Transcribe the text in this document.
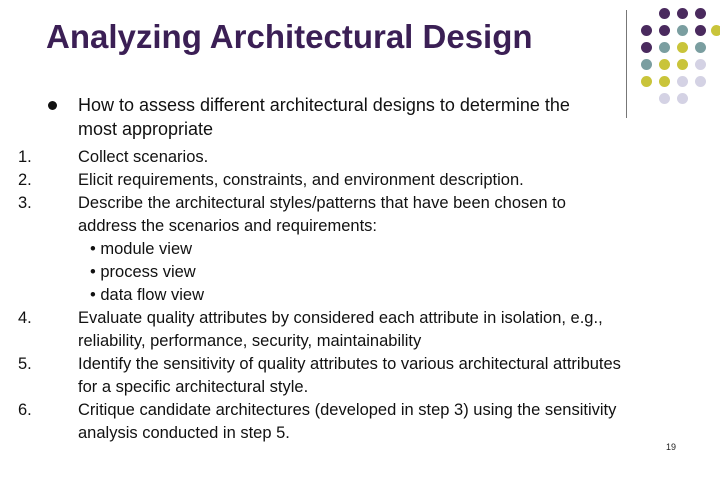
Analyzing Architectural Design
How to assess different architectural designs to determine the most appropriate
1.	Collect scenarios.
2.	Elicit requirements, constraints, and environment description.
3.	Describe the architectural styles/patterns that have been chosen to address the scenarios and requirements:
• module view
• process view
• data flow view
4.	Evaluate quality attributes by considered each attribute in isolation, e.g., reliability, performance, security, maintainability
5.	Identify the sensitivity of quality attributes to various architectural attributes for a specific architectural style.
6.	Critique candidate architectures (developed in step 3) using the sensitivity analysis conducted in step 5.
19
